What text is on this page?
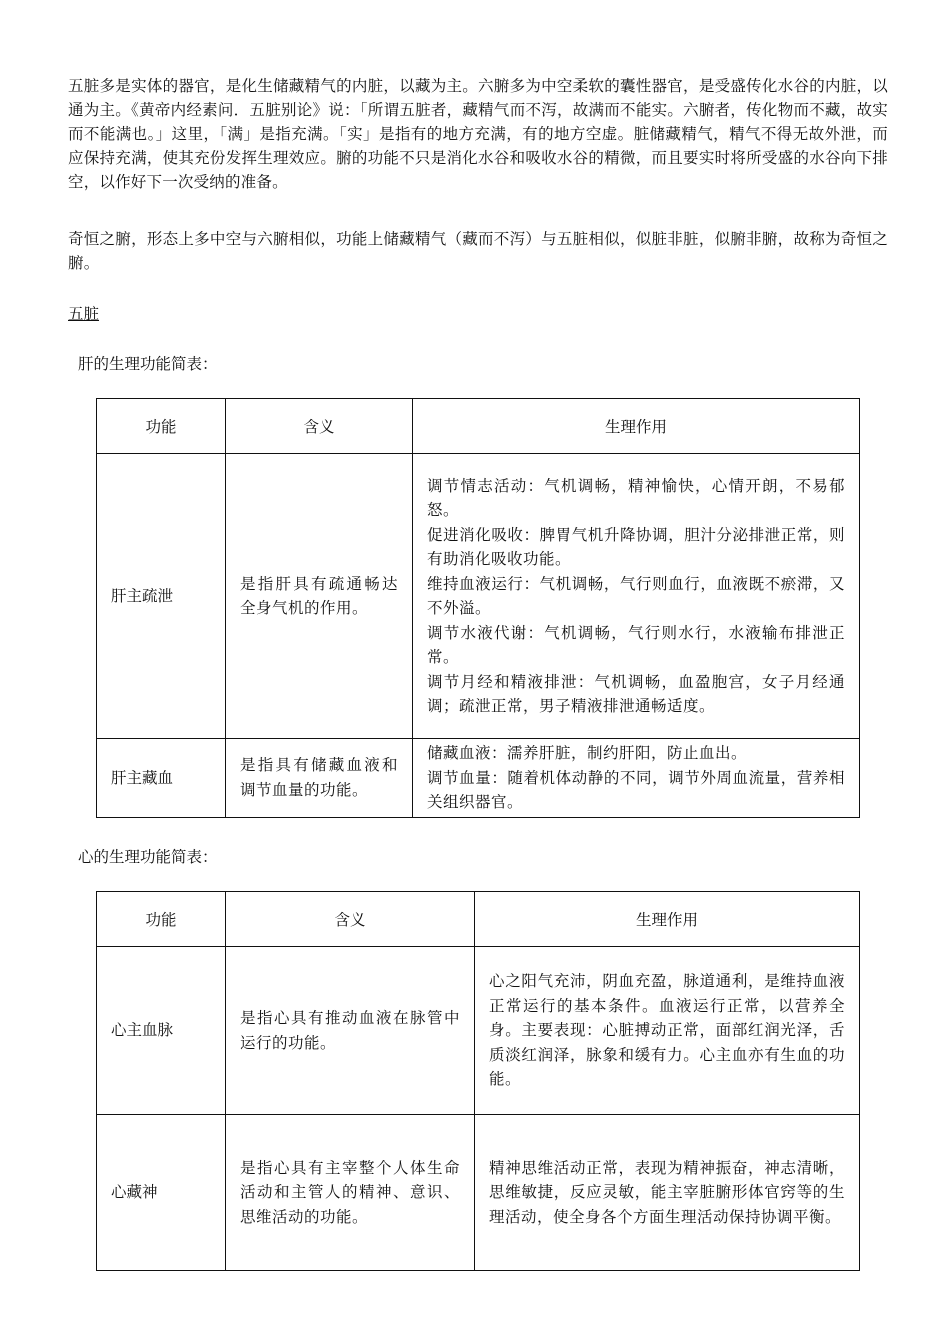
五脏多是实体的器官，是化生储藏精气的内脏，以藏为主。六腑多为中空柔软的囊性器官，是受盛传化水谷的内脏，以通为主。《黄帝内经素问．五脏别论》说：「所谓五脏者，藏精气而不泻，故满而不能实。六腑者，传化物而不藏，故实而不能满也。」这里，「满」是指充满。「实」是指有的地方充满，有的地方空虚。脏储藏精气，精气不得无故外泄，而应保持充满，使其充份发挥生理效应。腑的功能不只是消化水谷和吸收水谷的精微，而且要实时将所受盛的水谷向下排空，以作好下一次受纳的准备。

奇恒之腑，形态上多中空与六腑相似，功能上储藏精气（藏而不泻）与五脏相似，似脏非脏，似腑非腑，故称为奇恒之腑。

五脏

肝的生理功能简表：

功能	含义	生理作用
肝主疏泄	是指肝具有疏通畅达全身气机的作用。	调节情志活动：气机调畅，精神愉快，心情开朗，不易郁怒。
促进消化吸收：脾胃气机升降协调，胆汁分泌排泄正常，则有助消化吸收功能。
维持血液运行：气机调畅，气行则血行，血液既不瘀滞，又不外溢。
调节水液代谢：气机调畅，气行则水行，水液输布排泄正常。
调节月经和精液排泄：气机调畅，血盈胞宫，女子月经通调；疏泄正常，男子精液排泄通畅适度。

肝主藏血	是指具有储藏血液和调节血量的功能。	储藏血液：濡养肝脏，制约肝阳，防止血出。
调节血量：随着机体动静的不同，调节外周血流量，营养相关组织器官。

心的生理功能简表：

功能	含义	生理作用
心主血脉	是指心具有推动血液在脉管中运行的功能。	心之阳气充沛，阴血充盈，脉道通利，是维持血液正常运行的基本条件。血液运行正常，以营养全身。主要表现：心脏搏动正常，面部红润光泽，舌质淡红润泽，脉象和缓有力。心主血亦有生血的功能。
心藏神	是指心具有主宰整个人体生命活动和主管人的精神、意识、思维活动的功能。	精神思维活动正常，表现为精神振奋，神志清晰，思维敏捷，反应灵敏，能主宰脏腑形体官窍等的生理活动，使全身各个方面生理活动保持协调平衡。
